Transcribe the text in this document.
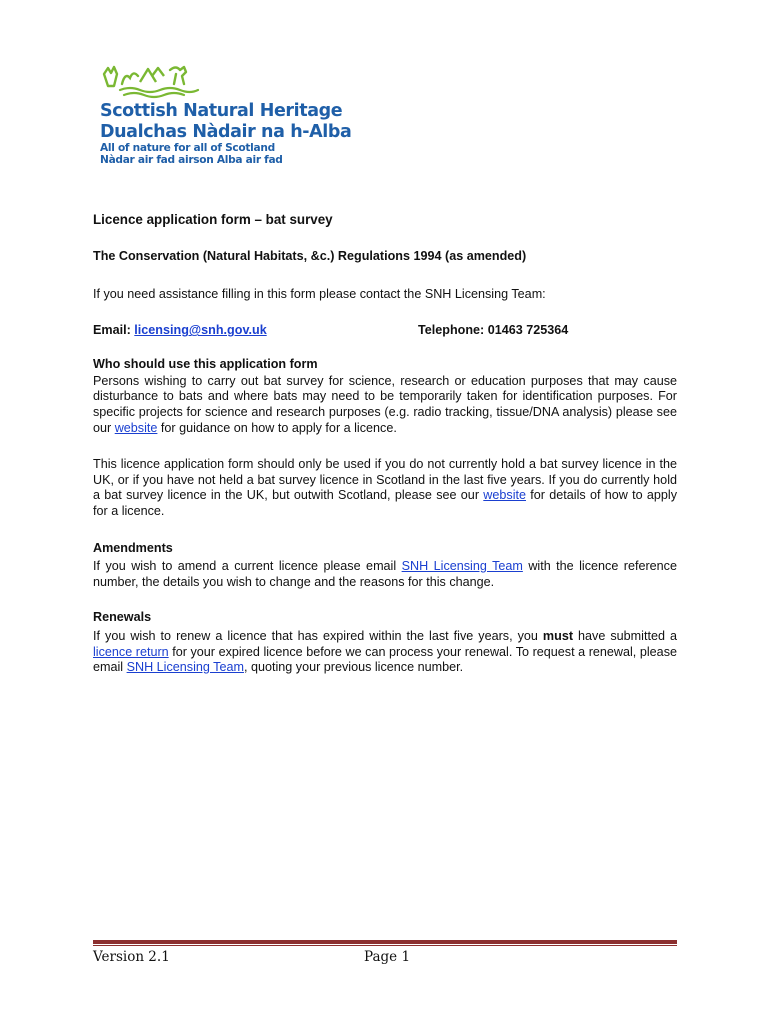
Scottish Natural Heritage
Dualchas Nàdair na h-Alba
All of nature for all of Scotland
Nàdar air fad airson Alba air fad

Licence application form – bat survey

The Conservation (Natural Habitats, &c.) Regulations 1994 (as amended)

If you need assistance filling in this form please contact the SNH Licensing Team:

Email: licensing@snh.gov.uk	Telephone: 01463 725364

Who should use this application form

Persons wishing to carry out bat survey for science, research or education purposes that may cause disturbance to bats and where bats may need to be temporarily taken for identification purposes. For specific projects for science and research purposes (e.g. radio tracking, tissue/DNA analysis) please see our website for guidance on how to apply for a licence.

This licence application form should only be used if you do not currently hold a bat survey licence in the UK, or if you have not held a bat survey licence in Scotland in the last five years. If you do currently hold a bat survey licence in the UK, but outwith Scotland, please see our website for details of how to apply for a licence.

Amendments

If you wish to amend a current licence please email SNH Licensing Team with the licence reference number, the details you wish to change and the reasons for this change.

Renewals

If you wish to renew a licence that has expired within the last five years, you must have submitted a licence return for your expired licence before we can process your renewal. To request a renewal, please email SNH Licensing Team, quoting your previous licence number.

Version 2.1	Page 1
